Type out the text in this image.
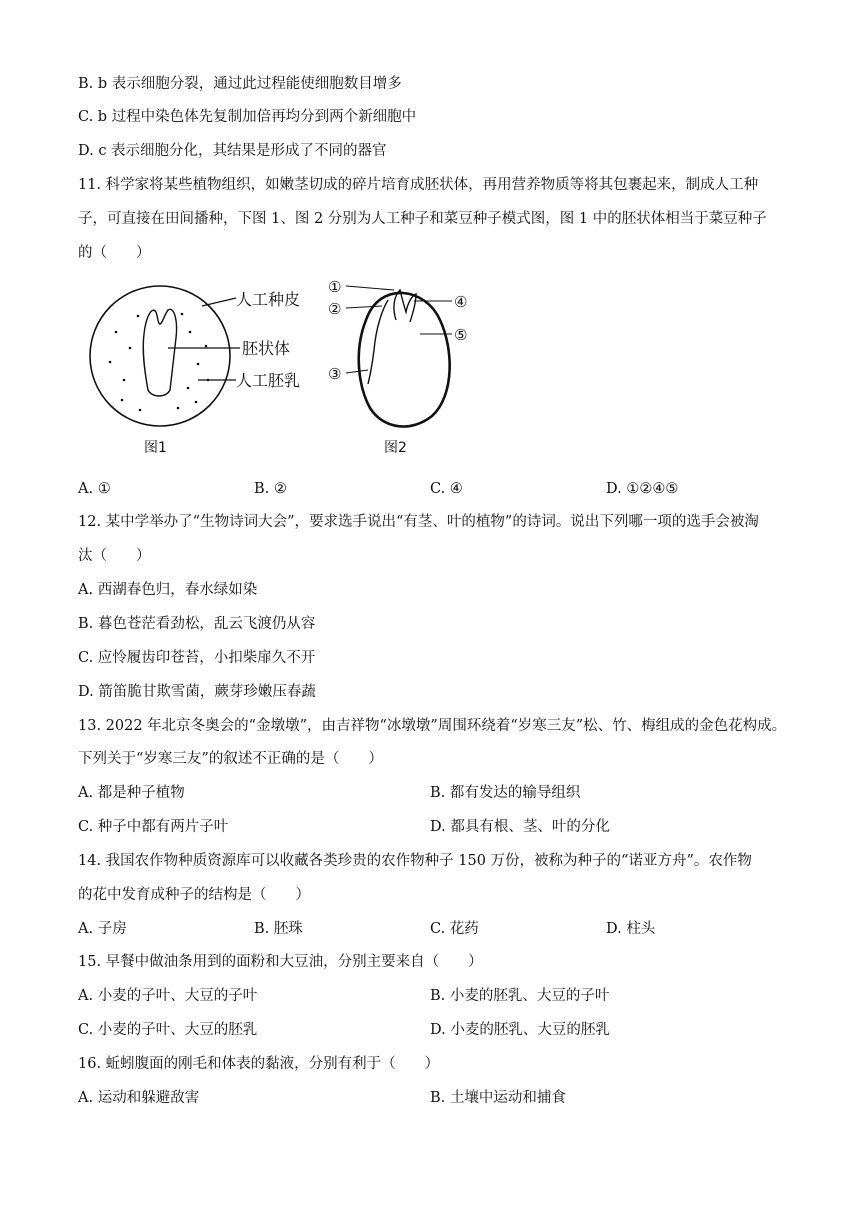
B. b 表示细胞分裂，通过此过程能使细胞数目增多
C. b 过程中染色体先复制加倍再均分到两个新细胞中
D. c 表示细胞分化，其结果是形成了不同的器官
11. 科学家将某些植物组织，如嫩茎切成的碎片培育成胚状体，再用营养物质等将其包裹起来，制成人工种
子，可直接在田间播种，下图 1、图 2 分别为人工种子和菜豆种子模式图，图 1 中的胚状体相当于菜豆种子
的（　　）
人工种皮
胚状体
人工胚乳
图1
①
②
③
④
⑤
图2
A. ①	B. ②	C. ④	D. ①②④⑤
12. 某中学举办了“生物诗词大会”，要求选手说出“有茎、叶的植物”的诗词。说出下列哪一项的选手会被淘
汰（　　）
A. 西湖春色归，春水绿如染
B. 暮色苍茫看劲松，乱云飞渡仍从容
C. 应怜履齿印苍苔，小扣柴扉久不开
D. 箭笛脆甘欺雪菌，蕨芽珍嫩压春蔬
13. 2022 年北京冬奥会的“金墩墩”，由吉祥物“冰墩墩”周围环绕着“岁寒三友”松、竹、梅组成的金色花构成。
下列关于“岁寒三友”的叙述不正确的是（　　）
A. 都是种子植物	B. 都有发达的输导组织
C. 种子中都有两片子叶	D. 都具有根、茎、叶的分化
14. 我国农作物种质资源库可以收藏各类珍贵的农作物种子 150 万份，被称为种子的“诺亚方舟”。农作物
的花中发育成种子的结构是（　　）
A. 子房	B. 胚珠	C. 花药	D. 柱头
15. 早餐中做油条用到的面粉和大豆油，分别主要来自（　　）
A. 小麦的子叶、大豆的子叶	B. 小麦的胚乳、大豆的子叶
C. 小麦的子叶、大豆的胚乳	D. 小麦的胚乳、大豆的胚乳
16. 蚯蚓腹面的刚毛和体表的黏液，分别有利于（　　）
A. 运动和躲避敌害	B. 土壤中运动和捕食
